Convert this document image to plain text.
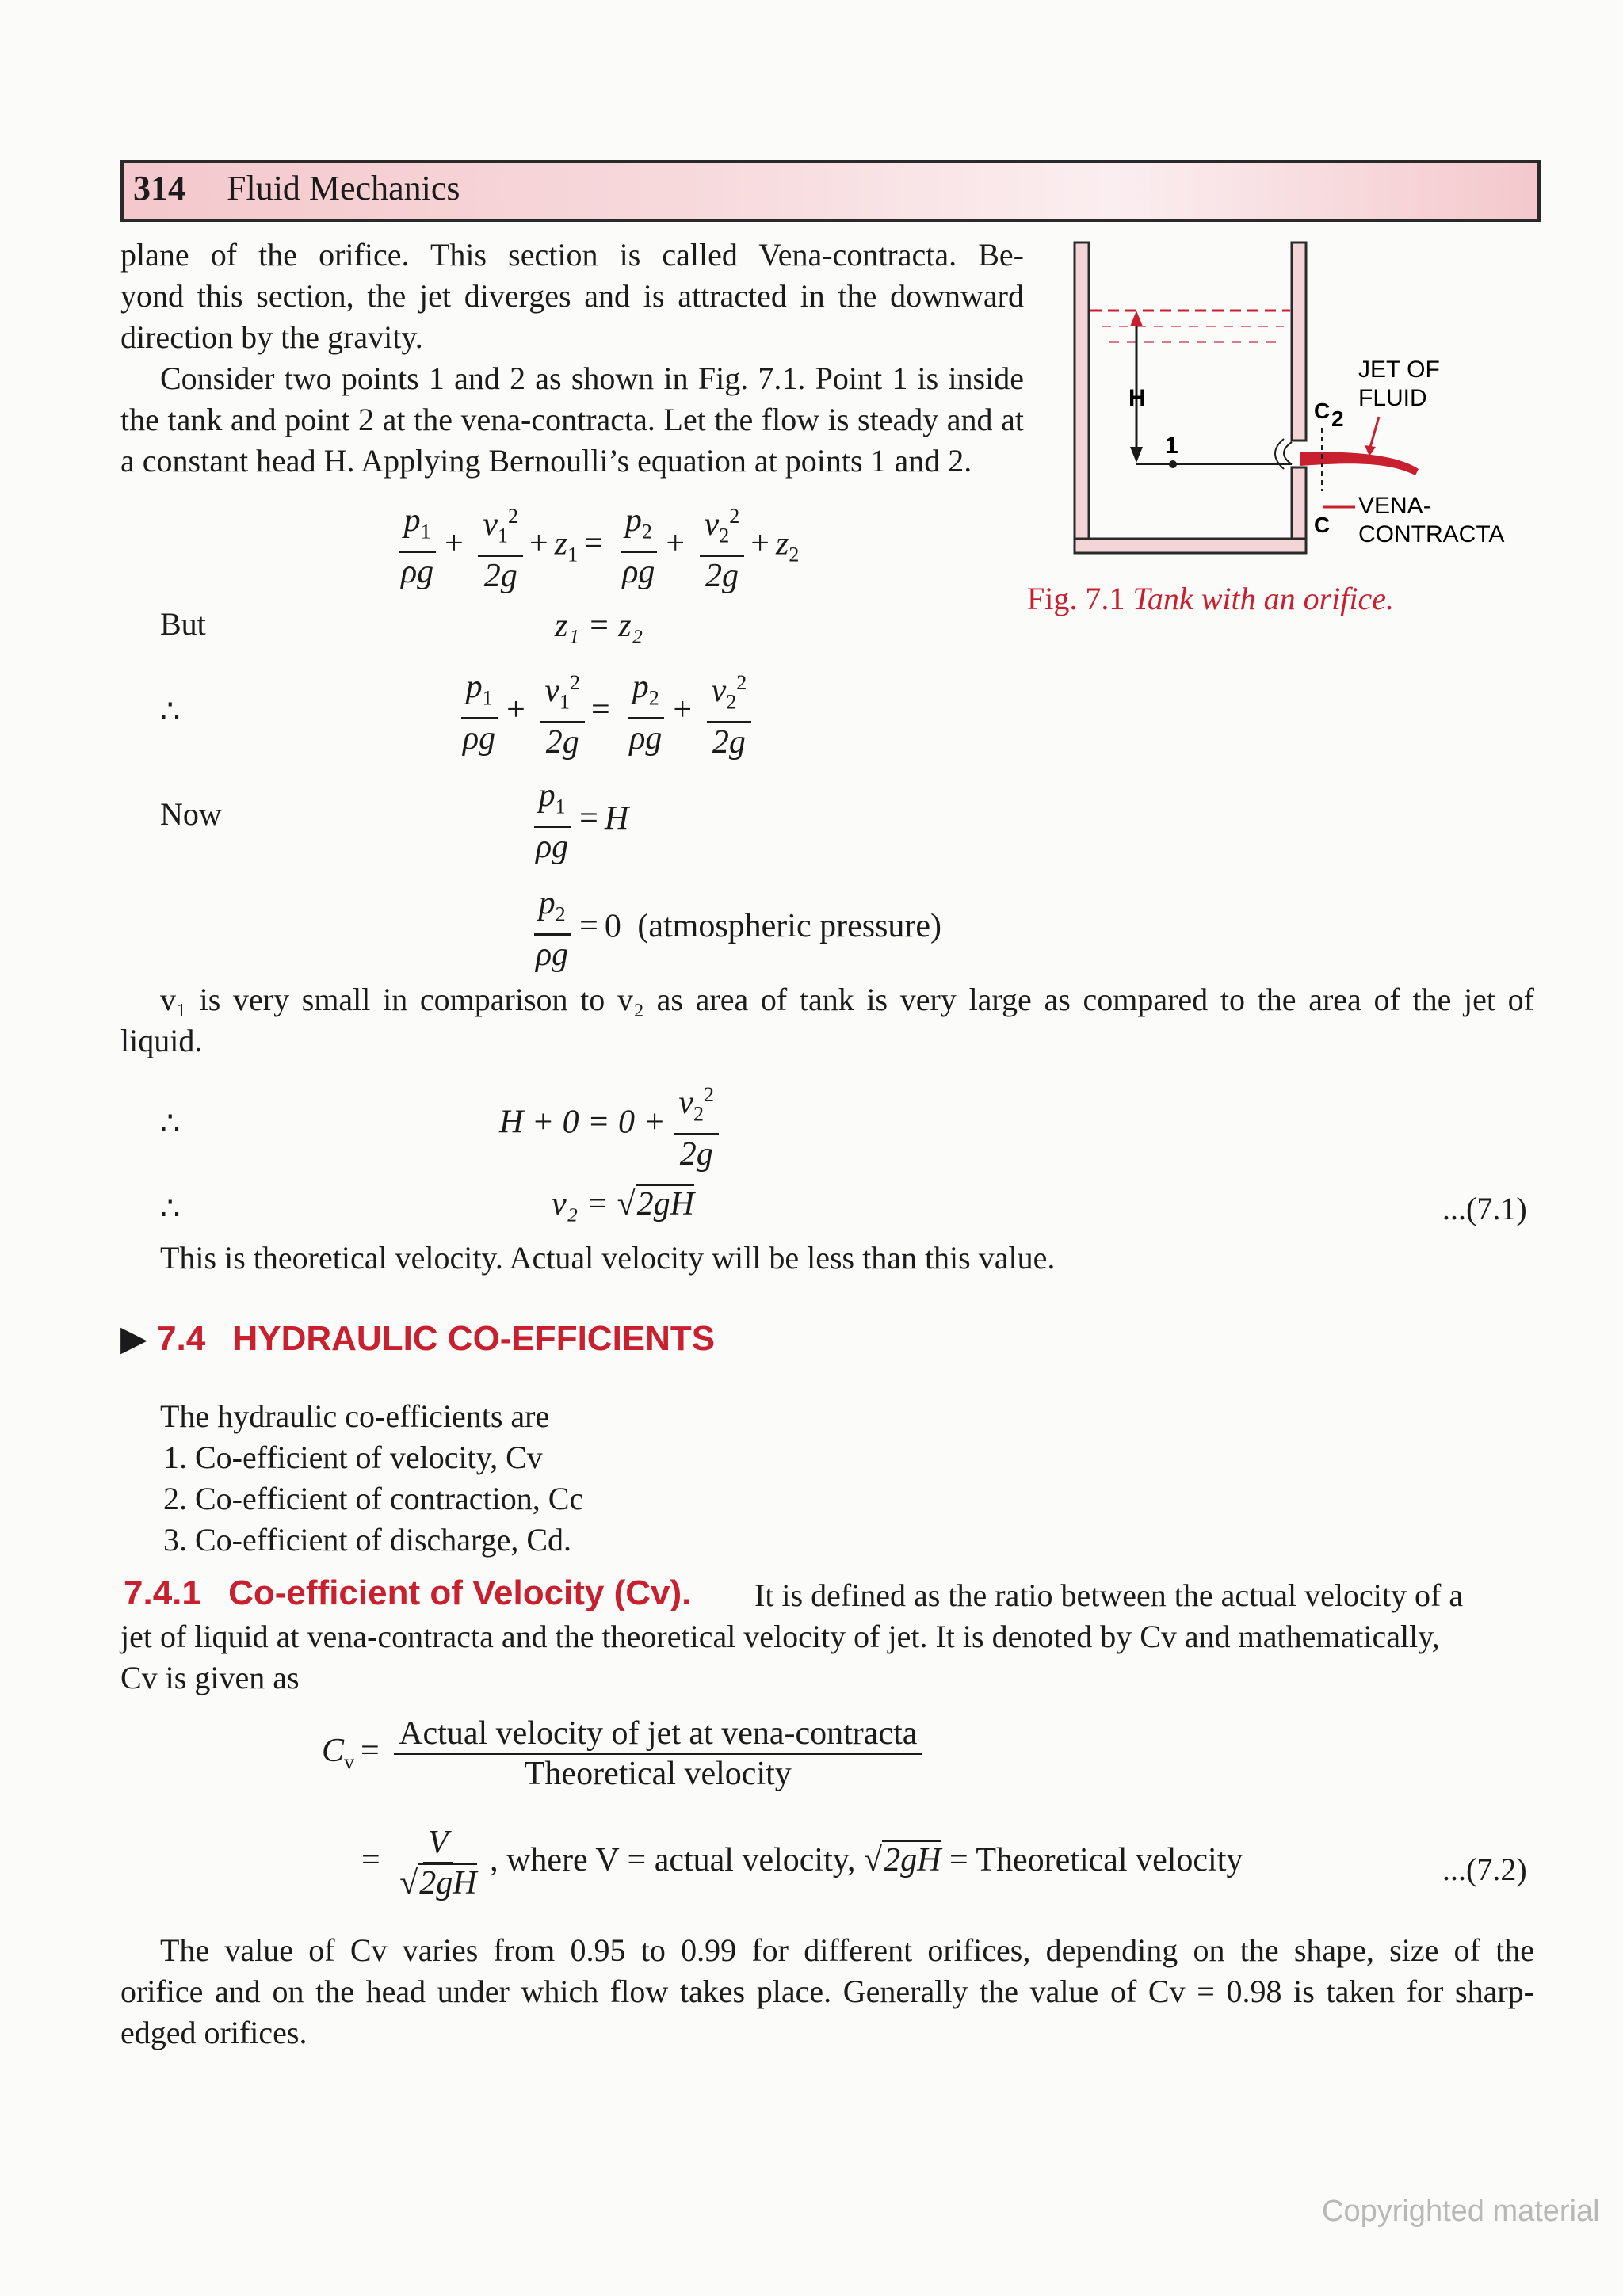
314 Fluid Mechanics
plane of the orifice. This section is called Vena-contracta. Be-
yond this section, the jet diverges and is attracted in the downward
direction by the gravity.
Consider two points 1 and 2 as shown in Fig. 7.1. Point 1 is inside
the tank and point 2 at the vena-contracta. Let the flow is steady and at
a constant head H. Applying Bernoulli’s equation at points 1 and 2.
H
1
C 2
C
JET OF
FLUID
VENA-
CONTRACTA
Fig. 7.1 Tank with an orifice.
$\frac{p_1}{\rho g} + \frac{v_1^2}{2g} + z_1 = \frac{p_2}{\rho g} + \frac{v_2^2}{2g} + z_2$
But	z₁ = z₂
∴	$\frac{p_1}{\rho g} + \frac{v_1^2}{2g} = \frac{p_2}{\rho g} + \frac{v_2^2}{2g}$
Now	$\frac{p_1}{\rho g} = H$
$\frac{p_2}{\rho g} = 0$ (atmospheric pressure)
v₁ is very small in comparison to v₂ as area of tank is very large as compared to the area of the jet of
liquid.
∴	$H + 0 = 0 + \frac{v_2^2}{2g}$
∴	v₂ = √2gH	...(7.1)
This is theoretical velocity. Actual velocity will be less than this value.
▶ 7.4 HYDRAULIC CO-EFFICIENTS
The hydraulic co-efficients are
1. Co-efficient of velocity, Cv
2. Co-efficient of contraction, Cc
3. Co-efficient of discharge, Cd.
7.4.1 Co-efficient of Velocity (Cv). It is defined as the ratio between the actual velocity of a
jet of liquid at vena-contracta and the theoretical velocity of jet. It is denoted by Cv and mathematically,
Cv is given as
$C_v = \frac{\text{Actual velocity of jet at vena-contracta}}{\text{Theoretical velocity}}$
= $\frac{V}{√2gH}$ , where V = actual velocity, √2gH = Theoretical velocity	...(7.2)
The value of Cv varies from 0.95 to 0.99 for different orifices, depending on the shape, size of the
orifice and on the head under which flow takes place. Generally the value of Cv = 0.98 is taken for sharp-
edged orifices.
Copyrighted material
